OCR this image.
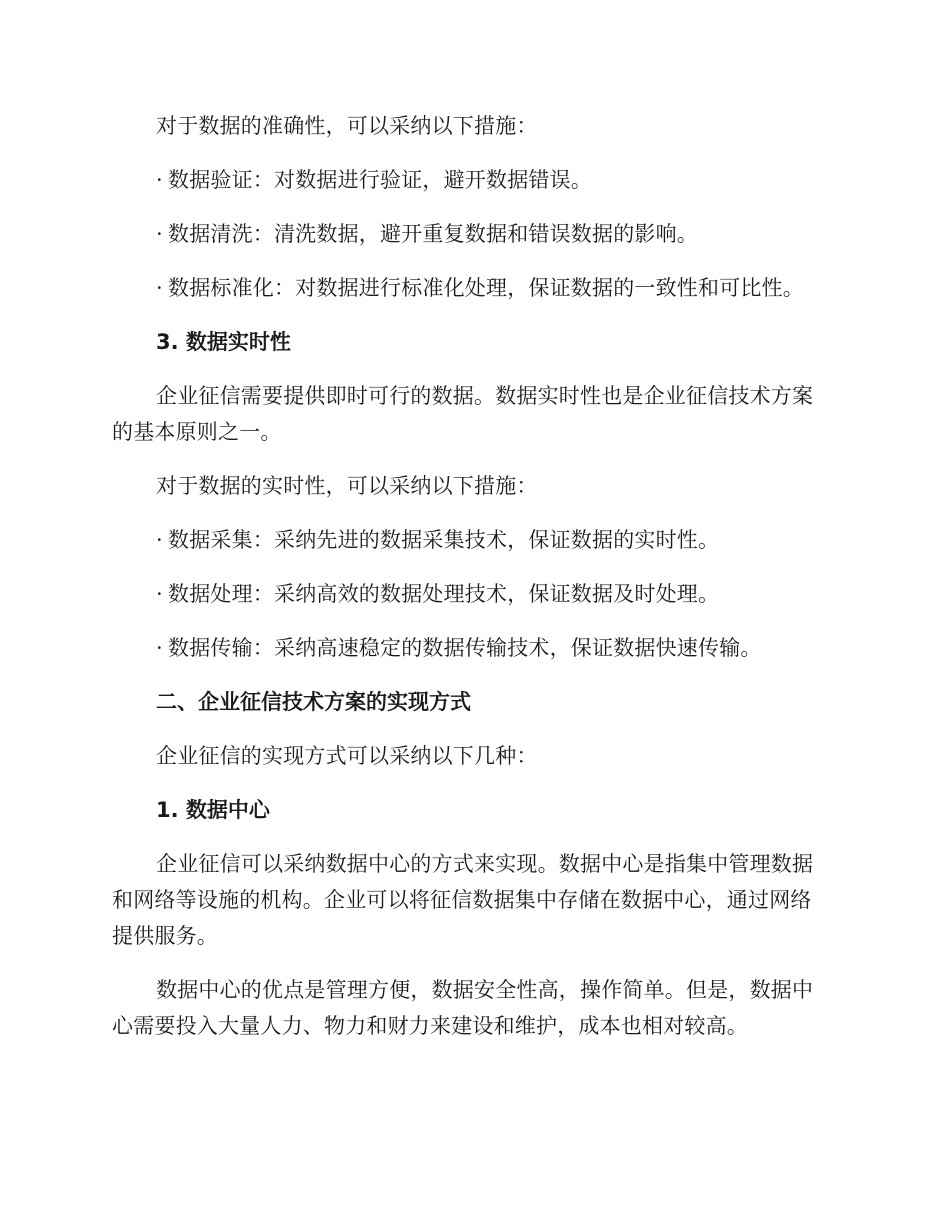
对于数据的准确性，可以采纳以下措施：

· 数据验证：对数据进行验证，避开数据错误。
· 数据清洗：清洗数据，避开重复数据和错误数据的影响。
· 数据标准化：对数据进行标准化处理，保证数据的一致性和可比性。
3. 数据实时性

企业征信需要提供即时可行的数据。数据实时性也是企业征信技术方案的基本原则之一。

对于数据的实时性，可以采纳以下措施：

· 数据采集：采纳先进的数据采集技术，保证数据的实时性。
· 数据处理：采纳高效的数据处理技术，保证数据及时处理。
· 数据传输：采纳高速稳定的数据传输技术，保证数据快速传输。
二、企业征信技术方案的实现方式

企业征信的实现方式可以采纳以下几种：

1. 数据中心

企业征信可以采纳数据中心的方式来实现。数据中心是指集中管理数据和网络等设施的机构。企业可以将征信数据集中存储在数据中心，通过网络提供服务。

数据中心的优点是管理方便，数据安全性高，操作简单。但是，数据中心需要投入大量人力、物力和财力来建设和维护，成本也相对较高。
